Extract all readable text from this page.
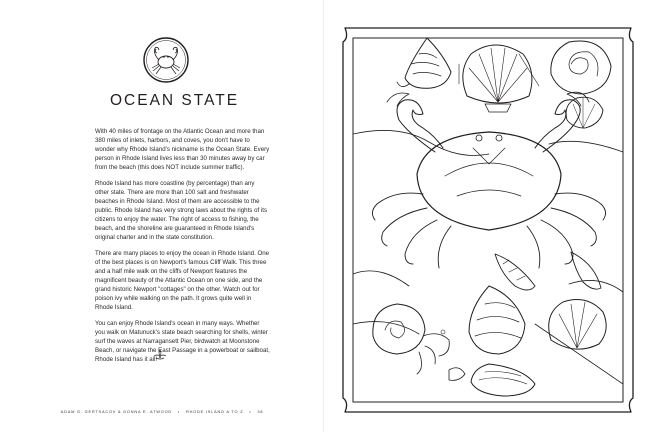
OCEAN STATE

With 40 miles of frontage on the Atlantic Ocean and more than 380 miles of inlets, harbors, and coves, you don't have to wonder why Rhode Island's nickname is the Ocean State. Every person in Rhode Island lives less than 30 minutes away by car from the beach (this does NOT include summer traffic).

Rhode Island has more coastline (by percentage) than any other state. There are more than 100 salt and freshwater beaches in Rhode Island. Most of them are accessible to the public. Rhode Island has very strong laws about the rights of its citizens to enjoy the water. The right of access to fishing, the beach, and the shoreline are guaranteed in Rhode Island's original charter and in the state constitution.

There are many places to enjoy the ocean in Rhode Island. One of the best places is on Newport's famous Cliff Walk. This three and a half mile walk on the cliffs of Newport features the magnificent beauty of the Atlantic Ocean on one side, and the grand historic Newport "cottages" on the other. Watch out for poison ivy while walking on the path. It grows quite well in Rhode Island.

You can enjoy Rhode Island's ocean in many ways. Whether you walk on Matunuck's state beach searching for shells, winter surf the waves at Narragansett Pier, birdwatch at Moonstone Beach, or navigate the East Passage in a powerboat or sailboat, Rhode Island has it all!

ADAM G. GERTSACOV & DONNA E. ATWOOD • RHODE ISLAND A TO Z • 38
